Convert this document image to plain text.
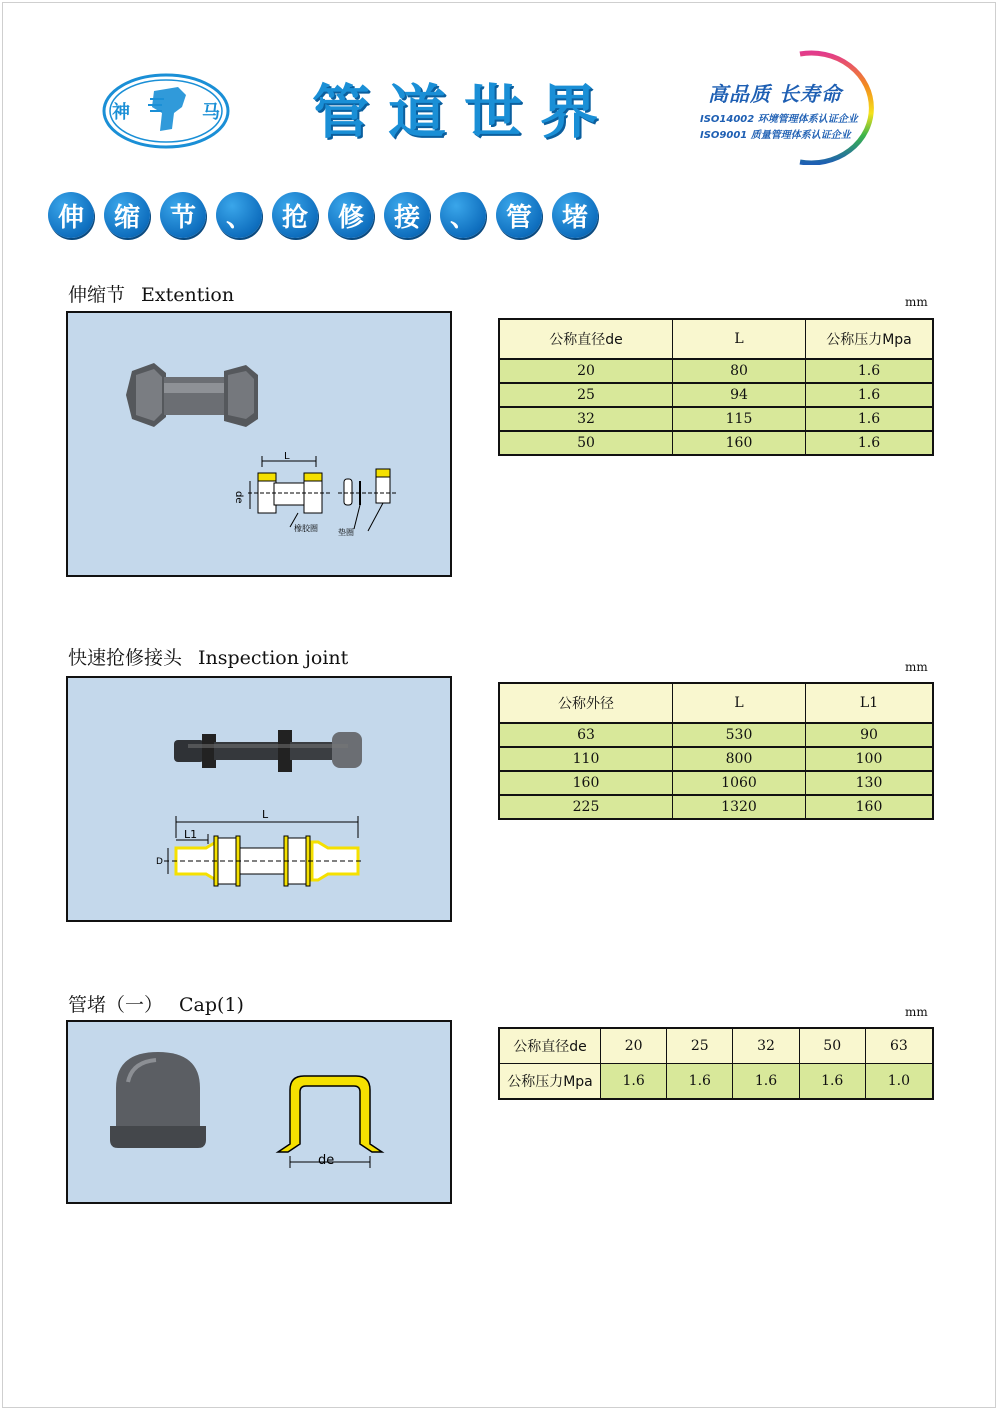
神	马 管道世界	高品质 长寿命
ISO14002 环境管理体系认证企业
ISO9001 质量管理体系认证企业
伸	缩	节	、	抢	修	接	、	管	堵
伸缩节 Extention	mm
L
de
橡胶圈	垫圈
公称直径de	L	公称压力Mpa
20	80	1.6
25	94	1.6
32	115	1.6
50	160	1.6
快速抢修接头 Inspection joint	mm
L
L1
D
公称外径	L	L1
63	530	90
110	800	100
160	1060	130
225	1320	160
管堵（一） Cap(1)	mm
de
公称直径de	20	25	32	50	63
公称压力Mpa	1.6	1.6	1.6	1.6	1.0
